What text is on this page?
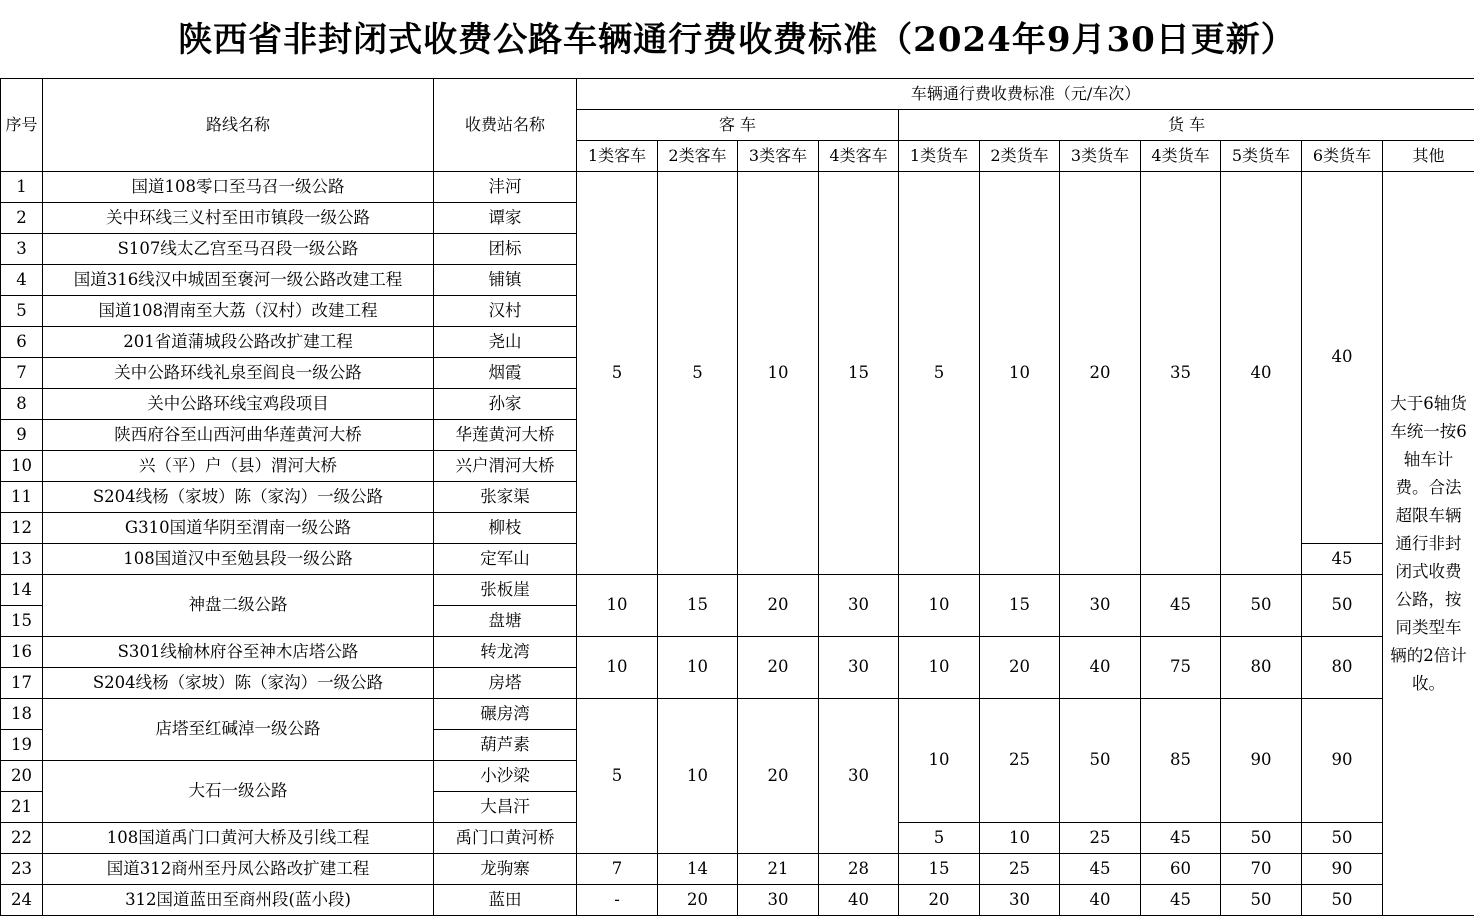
陕西省非封闭式收费公路车辆通行费收费标准（2024年9月30日更新）
序号	路线名称	收费站名称	车辆通行费收费标准（元/车次）										
			客 车				货 车						
			1类客车	2类客车	3类客车	4类客车	1类货车	2类货车	3类货车	4类货车	5类货车	6类货车	其他
1	国道108零口至马召一级公路	沣河	5	5	10	15	5	10	20	35	40	40	大于6轴货车统一按6轴车计费。合法超限车辆通行非封闭式收费公路，按同类型车辆的2倍计收。
2	关中环线三义村至田市镇段一级公路	谭家											
3	S107线太乙宫至马召段一级公路	团标											
4	国道316线汉中城固至褒河一级公路改建工程	铺镇											
5	国道108渭南至大荔（汉村）改建工程	汉村											
6	201省道蒲城段公路改扩建工程	尧山											
7	关中公路环线礼泉至阎良一级公路	烟霞											
8	关中公路环线宝鸡段项目	孙家											
9	陕西府谷至山西河曲华莲黄河大桥	华莲黄河大桥											
10	兴（平）户（县）渭河大桥	兴户渭河大桥											
11	S204线杨（家坡）陈（家沟）一级公路	张家渠											
12	G310国道华阴至渭南一级公路	柳枝											
13	108国道汉中至勉县段一级公路	定军山										45	
14	神盘二级公路	张板崖	10	15	20	30	10	15	30	45	50	50	
15		盘塘											
16	S301线榆林府谷至神木店塔公路	转龙湾	10	10	20	30	10	20	40	75	80	80	
17	S204线杨（家坡）陈（家沟）一级公路	房塔											
18	店塔至红碱淖一级公路	碾房湾	5	10	20	30	10	25	50	85	90	90	
19		葫芦素											
20	大石一级公路	小沙梁											
21		大昌汗											
22	108国道禹门口黄河大桥及引线工程	禹门口黄河桥					5	10	25	45	50	50	
23	国道312商州至丹凤公路改扩建工程	龙驹寨	7	14	21	28	15	25	45	60	70	90	
24	312国道蓝田至商州段(蓝小段)	蓝田	-	20	30	40	20	30	40	45	50	50	
